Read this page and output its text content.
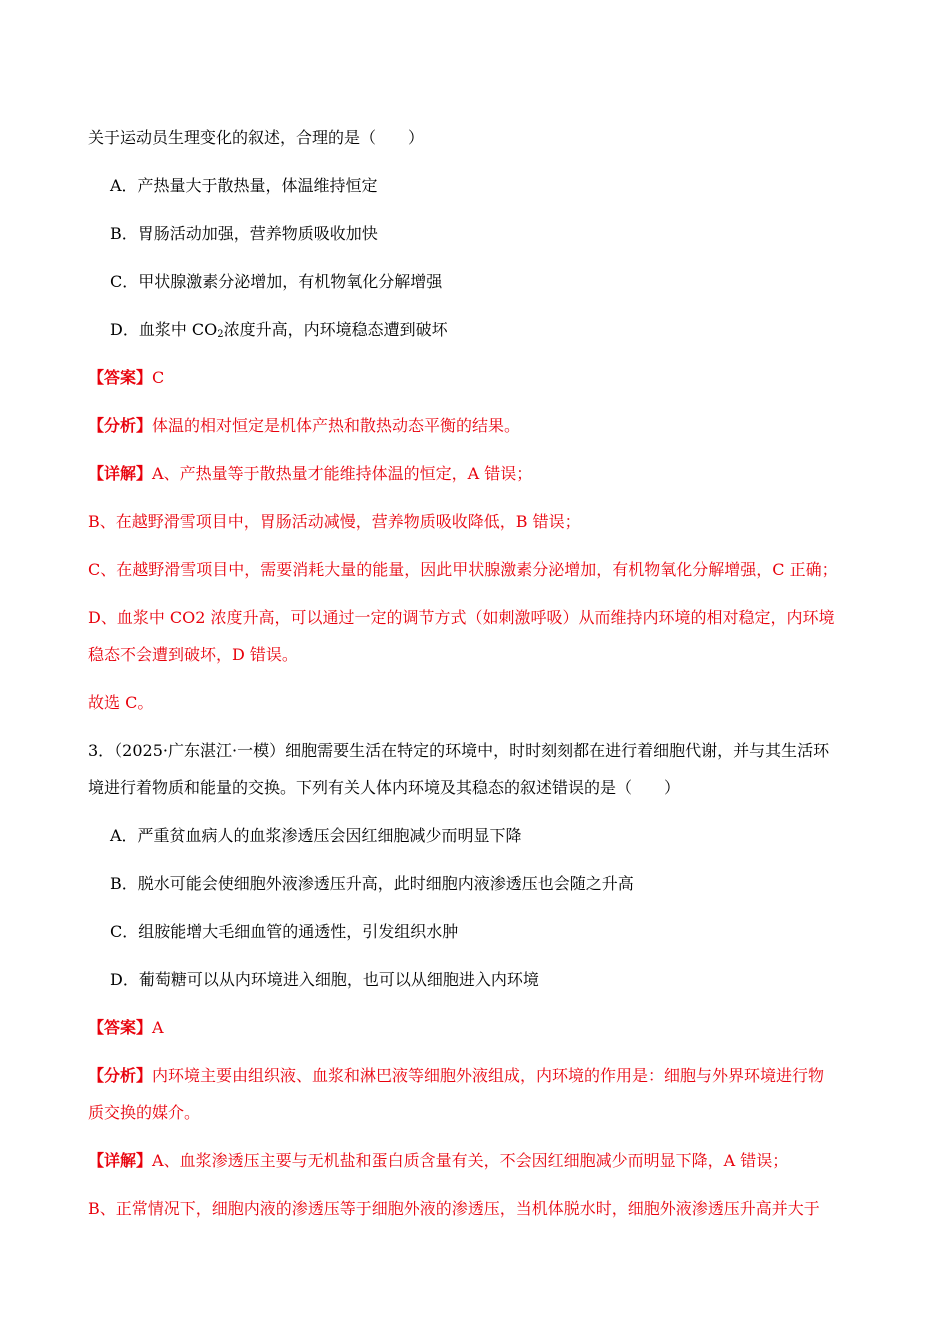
关于运动员生理变化的叙述，合理的是（　　）
A．产热量大于散热量，体温维持恒定
B．胃肠活动加强，营养物质吸收加快
C．甲状腺激素分泌增加，有机物氧化分解增强
D．血浆中 $CO_2$浓度升高，内环境稳态遭到破坏
【答案】C
【分析】体温的相对恒定是机体产热和散热动态平衡的结果。
【详解】A、产热量等于散热量才能维持体温的恒定，A 错误；
B、在越野滑雪项目中，胃肠活动减慢，营养物质吸收降低，B 错误；
C、在越野滑雪项目中，需要消耗大量的能量，因此甲状腺激素分泌增加，有机物氧化分解增强，C 正确；
D、血浆中 CO2 浓度升高，可以通过一定的调节方式（如刺激呼吸）从而维持内环境的相对稳定，内环境
稳态不会遭到破坏，D 错误。
故选 C。
3．（2025·广东湛江·一模）细胞需要生活在特定的环境中，时时刻刻都在进行着细胞代谢，并与其生活环
境进行着物质和能量的交换。下列有关人体内环境及其稳态的叙述错误的是（　　）
A．严重贫血病人的血浆渗透压会因红细胞减少而明显下降
B．脱水可能会使细胞外液渗透压升高，此时细胞内液渗透压也会随之升高
C．组胺能增大毛细血管的通透性，引发组织水肿
D．葡萄糖可以从内环境进入细胞，也可以从细胞进入内环境
【答案】A
【分析】内环境主要由组织液、血浆和淋巴液等细胞外液组成，内环境的作用是：细胞与外界环境进行物
质交换的媒介。
【详解】A、血浆渗透压主要与无机盐和蛋白质含量有关，不会因红细胞减少而明显下降，A 错误；
B、正常情况下，细胞内液的渗透压等于细胞外液的渗透压，当机体脱水时，细胞外液渗透压升高并大于
